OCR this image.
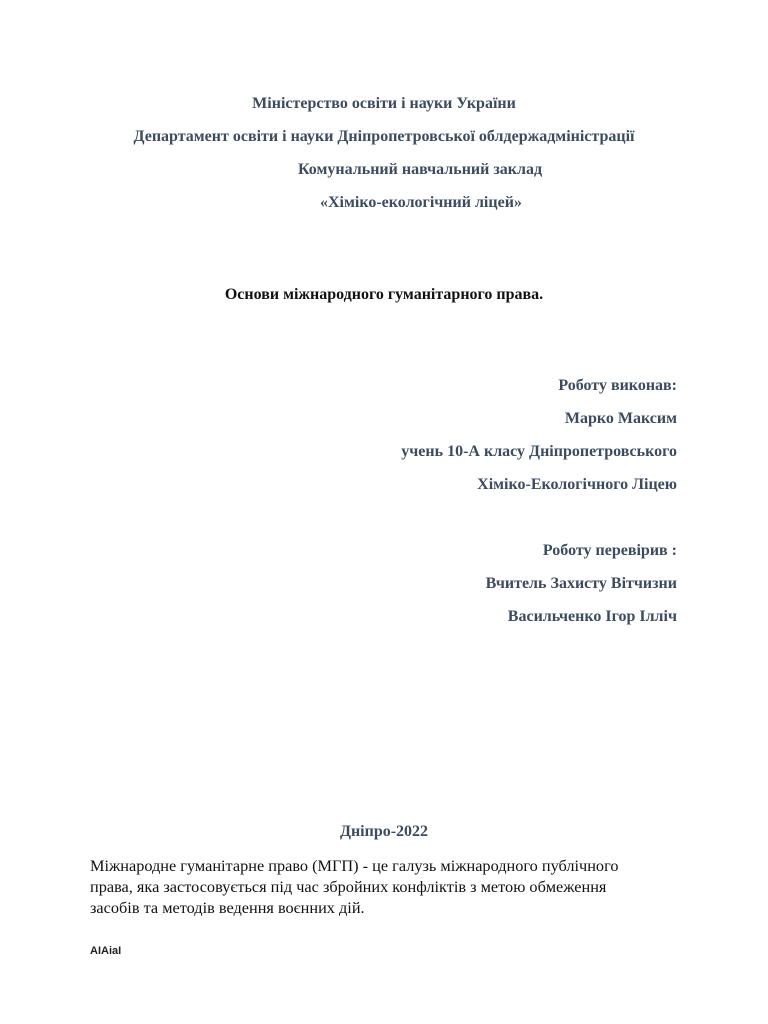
Міністерство освіти і науки України
Департамент освіти і науки Дніпропетровської облдержадміністрації
Комунальний навчальний заклад
«Хіміко-екологічний ліцей»
Основи міжнародного гуманітарного права.
Роботу виконав:
Марко Максим
учень 10-А класу Дніпропетровського
Хіміко-Екологічного Ліцею
Роботу перевірив :
Вчитель Захисту Вітчизни
Васильченко Ігор Ілліч
Дніпро-2022
Міжнародне гуманітарне право (МГП) - це галузь міжнародного публічного
права, яка застосовується під час збройних конфліктів з метою обмеження
засобів та методів ведення воєнних дій.
AIAiaI
